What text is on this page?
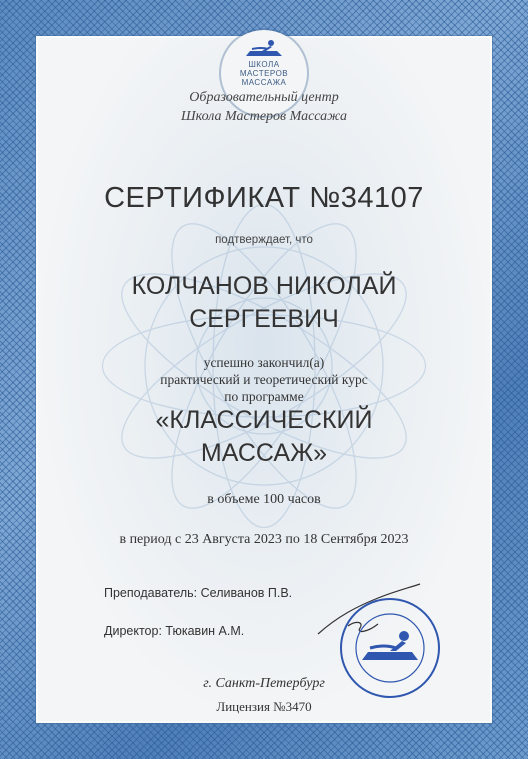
ШКОЛА
МАСТЕРОВ
МАССАЖА
Образовательный центр
Школа Мастеров Массажа
СЕРТИФИКАТ №34107
подтверждает, что
КОЛЧАНОВ НИКОЛАЙ
СЕРГЕЕВИЧ
успешно закончил(а)
практический и теоретический курс
по программе
«КЛАССИЧЕСКИЙ
МАССАЖ»
в объеме 100 часов
в период с 23 Августа 2023 по 18 Сентября 2023
Преподаватель: Селиванов П.В.
Директор: Тюкавин А.М.
г. Санкт-Петербург
Лицензия №3470
